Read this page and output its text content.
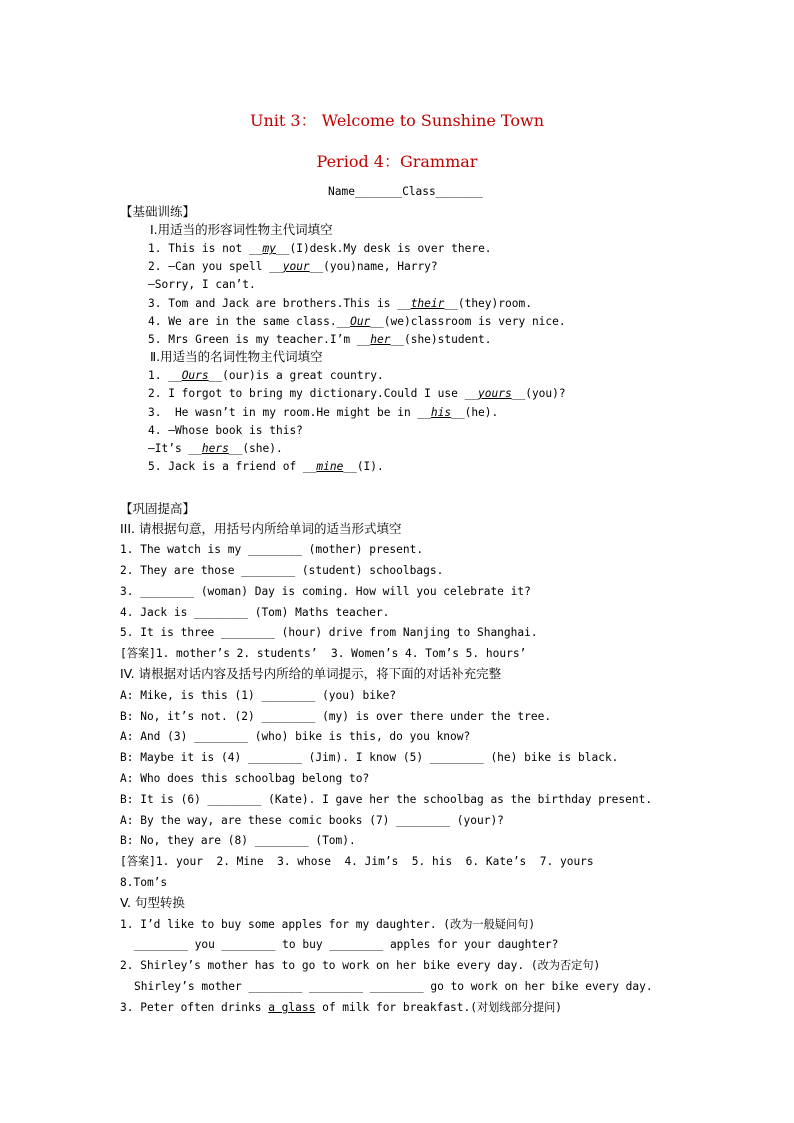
Unit 3： Welcome to Sunshine Town
Period 4：Grammar
Name_______Class_______
【基础训练】
Ⅰ.用适当的形容词性物主代词填空
1. This is not __my__(I)desk.My desk is over there.
2. —Can you spell __your__(you)name, Harry?
—Sorry, I can’t.
3. Tom and Jack are brothers.This is __their__(they)room.
4. We are in the same class.__Our__(we)classroom is very nice.
5. Mrs Green is my teacher.I’m __her__(she)student.
Ⅱ.用适当的名词性物主代词填空
1. __Ours__(our)is a great country.
2. I forgot to bring my dictionary.Could I use __yours__(you)?
3.  He wasn’t in my room.He might be in __his__(he).
4. —Whose book is this?
—It’s __hers__(she).
5. Jack is a friend of __mine__(I).
【巩固提高】
III. 请根据句意，用括号内所给单词的适当形式填空
1. The watch is my ________ (mother) present.
2. They are those ________ (student) schoolbags.
3. ________ (woman) Day is coming. How will you celebrate it?
4. Jack is ________ (Tom) Maths teacher.
5. It is three ________ (hour) drive from Nanjing to Shanghai.
[答案]1. mother’s 2. students’  3. Women’s 4. Tom’s 5. hours’
IV. 请根据对话内容及括号内所给的单词提示，将下面的对话补充完整
A: Mike, is this (1) ________ (you) bike?
B: No, it’s not. (2) ________ (my) is over there under the tree.
A: And (3) ________ (who) bike is this, do you know?
B: Maybe it is (4) ________ (Jim). I know (5) ________ (he) bike is black.
A: Who does this schoolbag belong to?
B: It is (6) ________ (Kate). I gave her the schoolbag as the birthday present.
A: By the way, are these comic books (7) ________ (your)?
B: No, they are (8) ________ (Tom).
[答案]1. your  2. Mine  3. whose  4. Jim’s  5. his  6. Kate’s  7. yours
8.Tom’s
V. 句型转换
1. I’d like to buy some apples for my daughter. (改为一般疑问句)
________ you ________ to buy ________ apples for your daughter?
2. Shirley’s mother has to go to work on her bike every day. (改为否定句)
Shirley’s mother ________ ________ ________ go to work on her bike every day.
3. Peter often drinks a glass of milk for breakfast.(对划线部分提问)
